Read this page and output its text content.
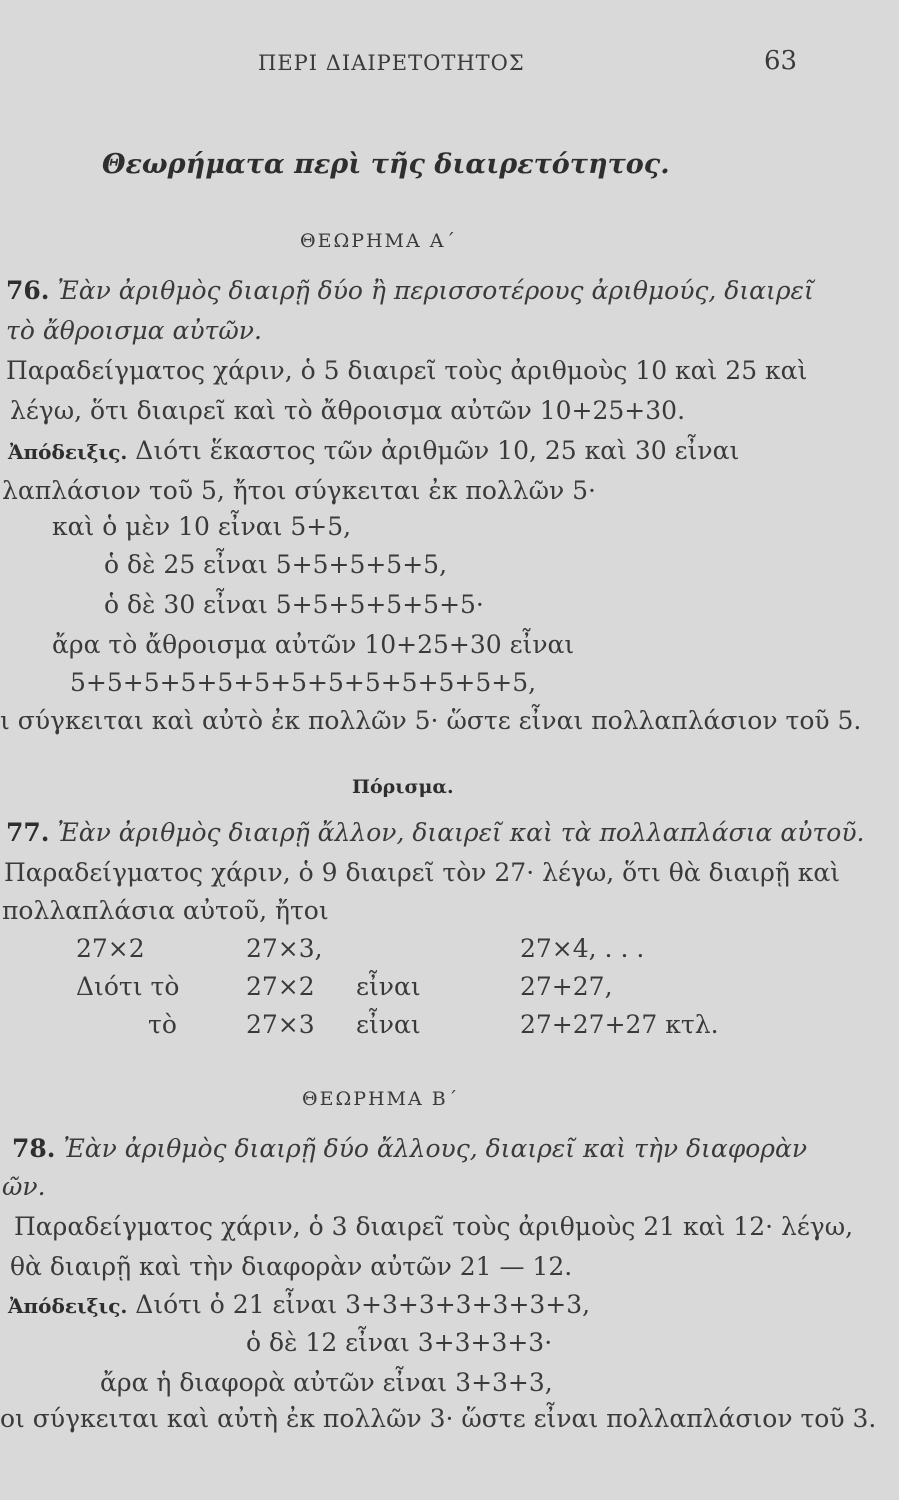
ΠΕΡΙ ΔΙΑΙΡΕΤΟΤΗΤΟΣ	63
Θεωρήματα περὶ τῆς διαιρετότητος.
ΘΕΩΡΗΜΑ Α΄
76. Ἐὰν ἀριθμὸς διαιρῇ δύο ἢ περισσοτέρους ἀριθμούς, διαιρεῖ
τὸ ἄθροισμα αὐτῶν.
Παραδείγματος χάριν, ὁ 5 διαιρεῖ τοὺς ἀριθμοὺς 10 καὶ 25 καὶ
λέγω, ὅτι διαιρεῖ καὶ τὸ ἄθροισμα αὐτῶν 10+25+30.
Ἀπόδειξις. Διότι ἕκαστος τῶν ἀριθμῶν 10, 25 καὶ 30 εἶναι
λαπλάσιον τοῦ 5, ἤτοι σύγκειται ἐκ πολλῶν 5·
καὶ ὁ μὲν 10 εἶναι 5+5,
ὁ δὲ 25 εἶναι 5+5+5+5+5,
ὁ δὲ 30 εἶναι 5+5+5+5+5+5·
ἄρα τὸ ἄθροισμα αὐτῶν 10+25+30 εἶναι
5+5+5+5+5+5+5+5+5+5+5+5+5,
ι σύγκειται καὶ αὐτὸ ἐκ πολλῶν 5· ὥστε εἶναι πολλαπλάσιον τοῦ 5.
Πόρισμα.
77. Ἐὰν ἀριθμὸς διαιρῇ ἄλλον, διαιρεῖ καὶ τὰ πολλαπλάσια αὐτοῦ.
Παραδείγματος χάριν, ὁ 9 διαιρεῖ τὸν 27· λέγω, ὅτι θὰ διαιρῇ καὶ
πολλαπλάσια αὐτοῦ, ἤτοι
27×2	27×3,	27×4, . . .
Διότι τὸ	27×2 εἶναι	27+27,
τὸ	27×3 εἶναι	27+27+27 κτλ.
ΘΕΩΡΗΜΑ Β΄
78. Ἐὰν ἀριθμὸς διαιρῇ δύο ἄλλους, διαιρεῖ καὶ τὴν διαφορὰν
ῶν.
Παραδείγματος χάριν, ὁ 3 διαιρεῖ τοὺς ἀριθμοὺς 21 καὶ 12· λέγω,
θὰ διαιρῇ καὶ τὴν διαφορὰν αὐτῶν 21 — 12.
Ἀπόδειξις. Διότι ὁ 21 εἶναι 3+3+3+3+3+3+3,
ὁ δὲ 12 εἶναι 3+3+3+3·
ἄρα ἡ διαφορὰ αὐτῶν εἶναι 3+3+3,
οι σύγκειται καὶ αὐτὴ ἐκ πολλῶν 3· ὥστε εἶναι πολλαπλάσιον τοῦ 3.
